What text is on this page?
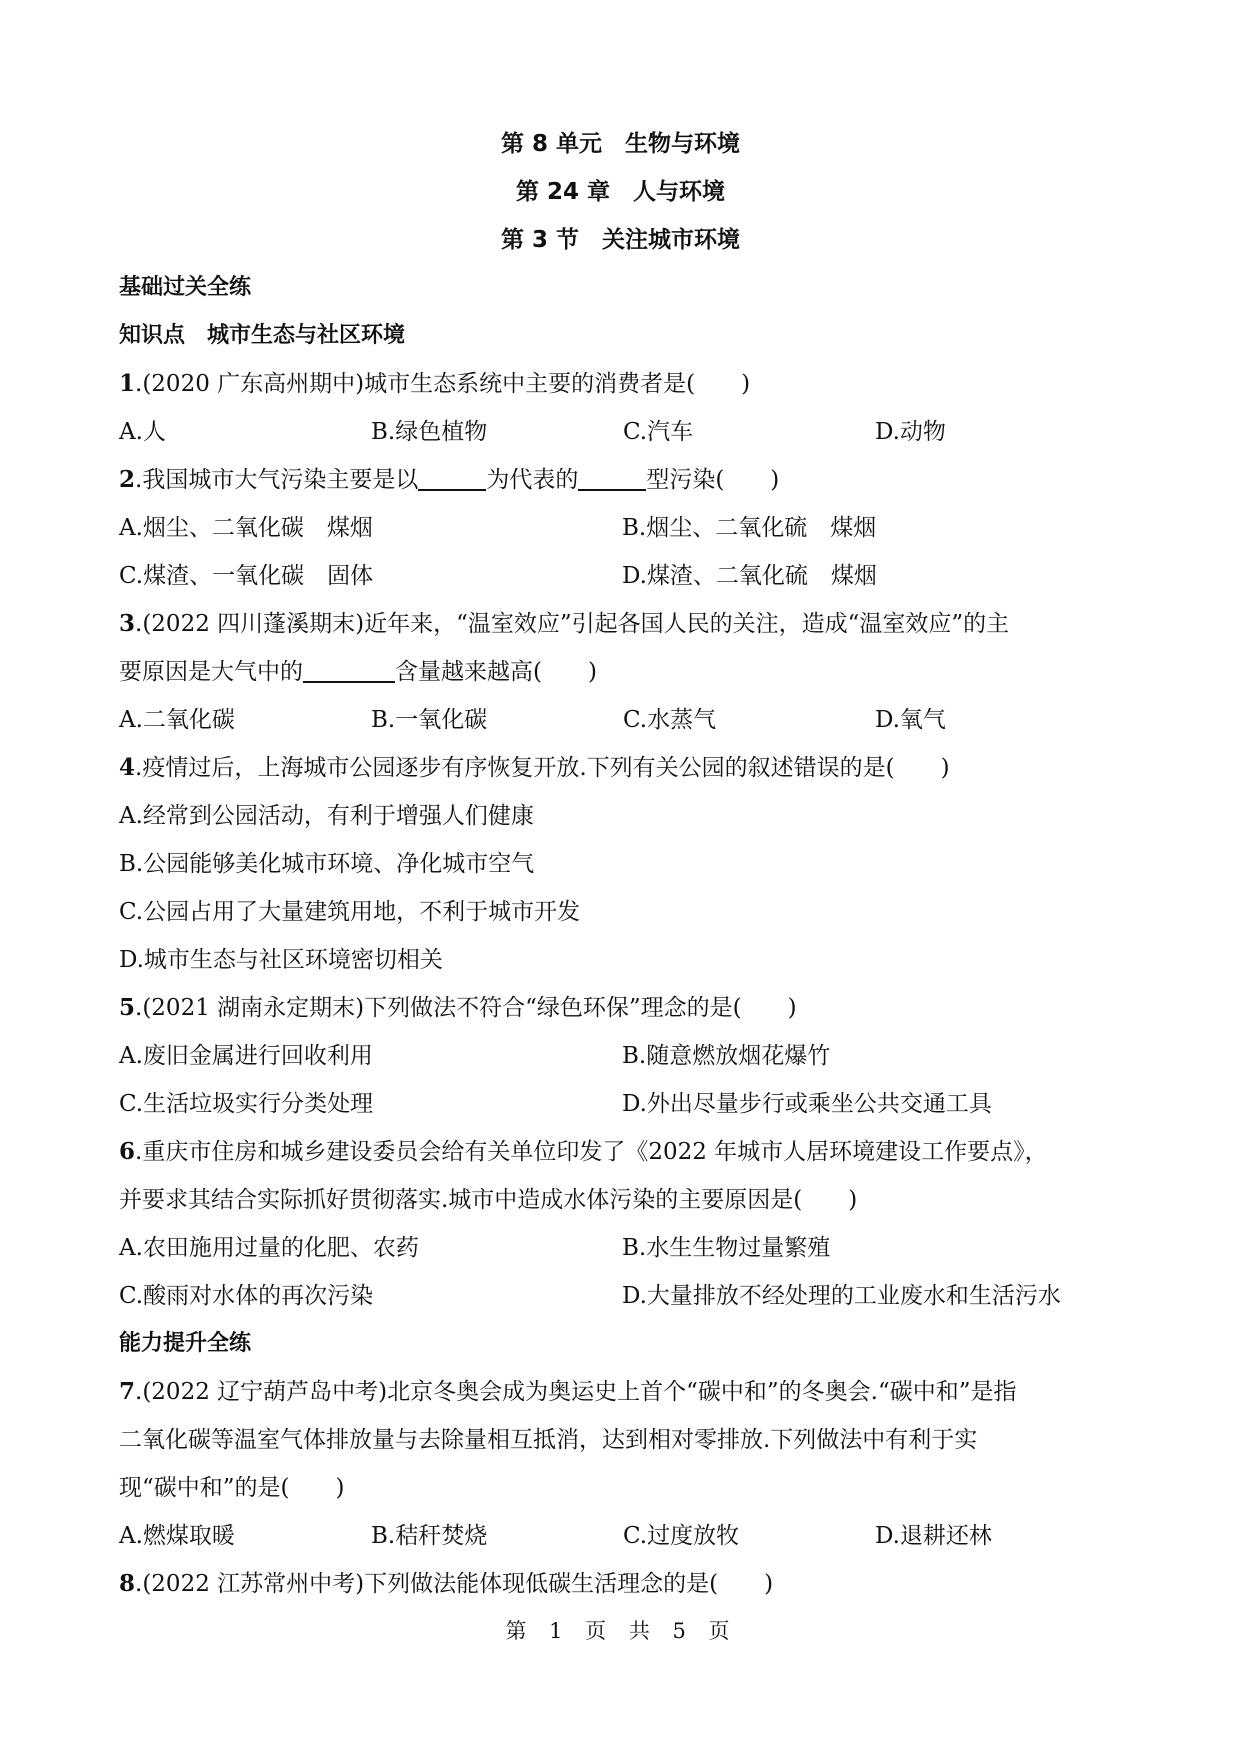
第 8 单元　生物与环境
第 24 章　人与环境
第 3 节　关注城市环境
基础过关全练
知识点　城市生态与社区环境
1.(2020 广东高州期中)城市生态系统中主要的消费者是(　　)
A.人	B.绿色植物	C.汽车	D.动物
2.我国城市大气污染主要是以	为代表的	型污染(　　)
A.烟尘、二氧化碳　煤烟	B.烟尘、二氧化硫　煤烟
C.煤渣、一氧化碳　固体	D.煤渣、二氧化硫　煤烟
3.(2022 四川蓬溪期末)近年来，“温室效应”引起各国人民的关注，造成“温室效应”的主
要原因是大气中的	含量越来越高(　　)
A.二氧化碳	B.一氧化碳	C.水蒸气	D.氧气
4.疫情过后，上海城市公园逐步有序恢复开放.下列有关公园的叙述错误的是(　　)
A.经常到公园活动，有利于增强人们健康
B.公园能够美化城市环境、净化城市空气
C.公园占用了大量建筑用地，不利于城市开发
D.城市生态与社区环境密切相关
5.(2021 湖南永定期末)下列做法不符合“绿色环保”理念的是(　　)
A.废旧金属进行回收利用	B.随意燃放烟花爆竹
C.生活垃圾实行分类处理	D.外出尽量步行或乘坐公共交通工具
6.重庆市住房和城乡建设委员会给有关单位印发了《2022 年城市人居环境建设工作要点》，
并要求其结合实际抓好贯彻落实.城市中造成水体污染的主要原因是(　　)
A.农田施用过量的化肥、农药	B.水生生物过量繁殖
C.酸雨对水体的再次污染	D.大量排放不经处理的工业废水和生活污水
能力提升全练
7.(2022 辽宁葫芦岛中考)北京冬奥会成为奥运史上首个“碳中和”的冬奥会.“碳中和”是指
二氧化碳等温室气体排放量与去除量相互抵消，达到相对零排放.下列做法中有利于实
现“碳中和”的是(　　)
A.燃煤取暖	B.秸秆焚烧	C.过度放牧	D.退耕还林
8.(2022 江苏常州中考)下列做法能体现低碳生活理念的是(　　)
第 1 页 共 5 页
